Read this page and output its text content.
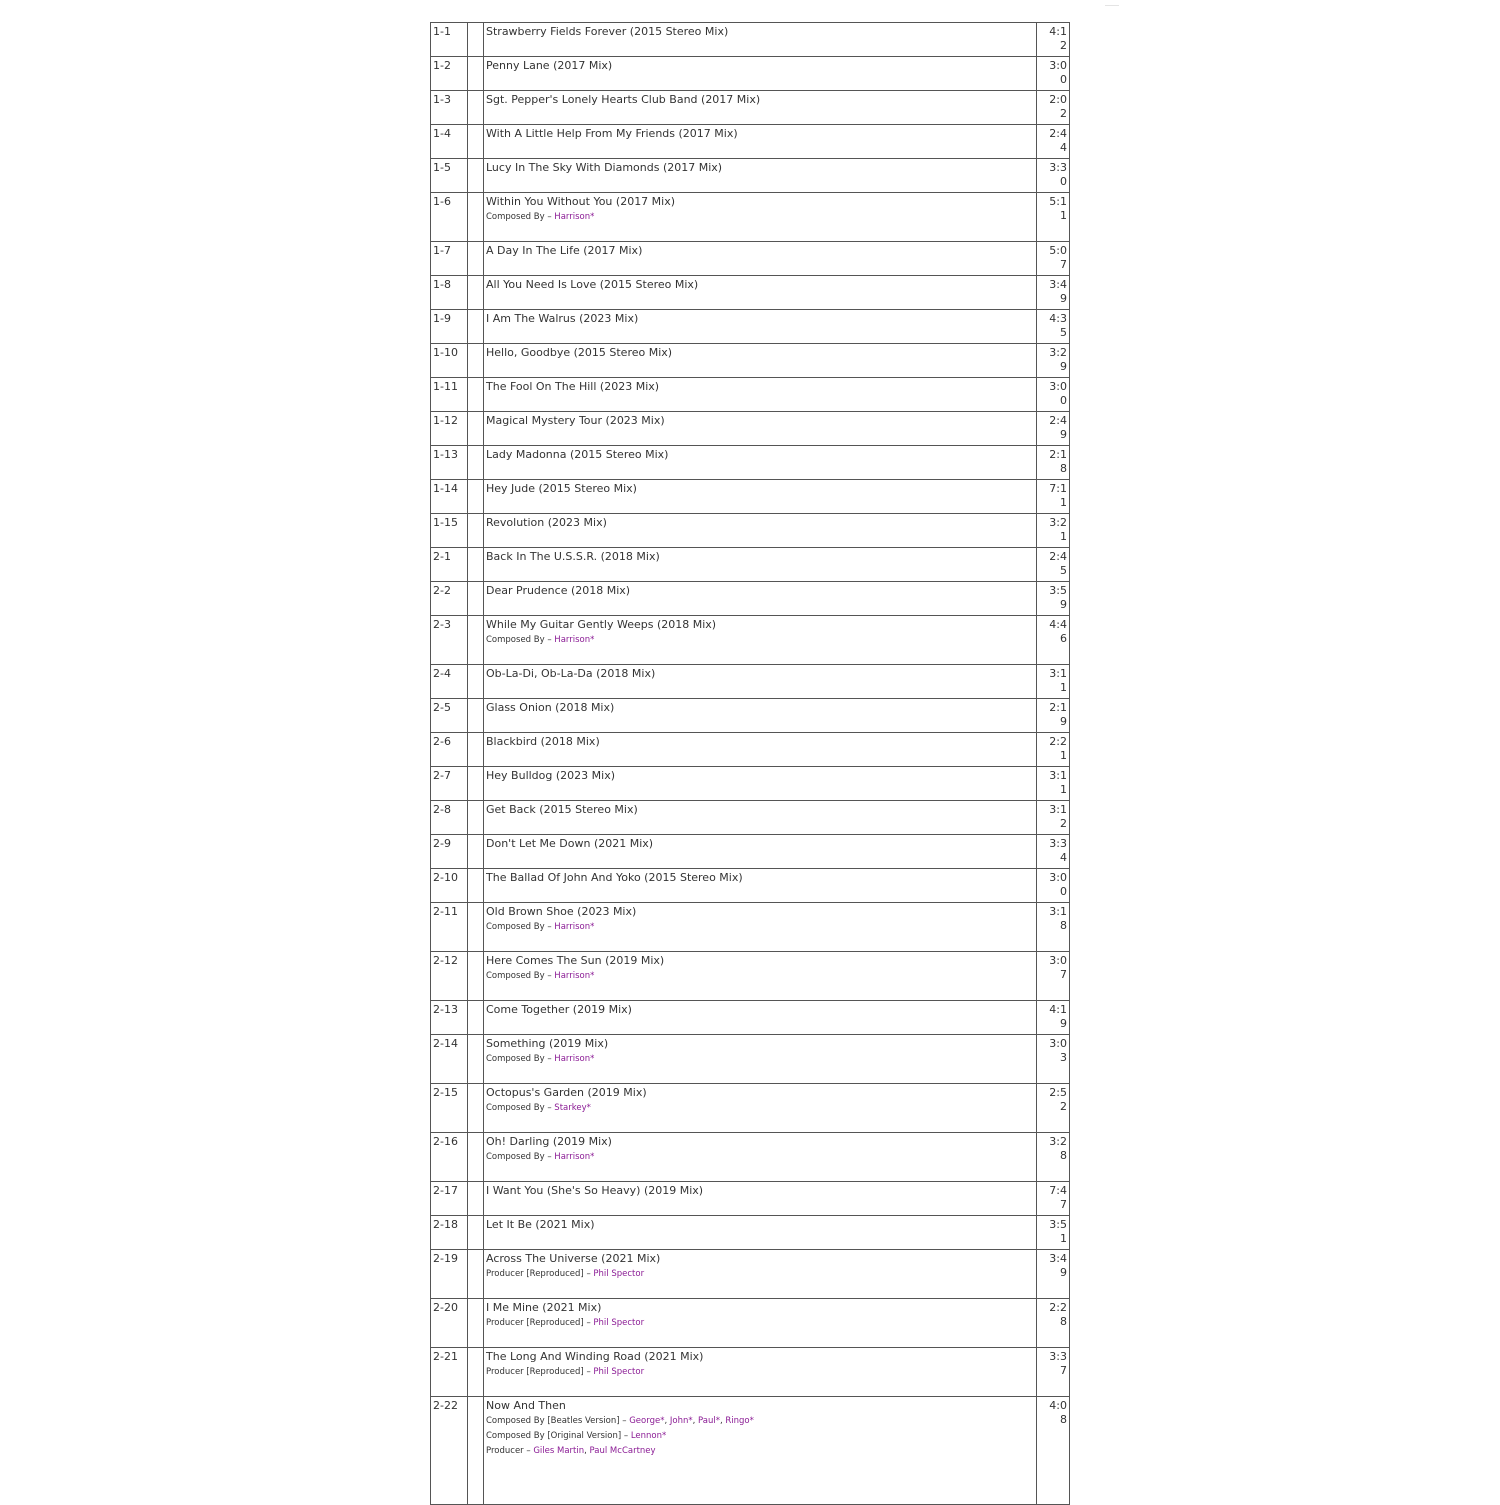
1-1		Strawberry Fields Forever (2015 Stereo Mix)	4:12

1-2		Penny Lane (2017 Mix)	3:00

1-3		Sgt. Pepper's Lonely Hearts Club Band (2017 Mix)	2:02

1-4		With A Little Help From My Friends (2017 Mix)	2:44

1-5		Lucy In The Sky With Diamonds (2017 Mix)	3:30

1-6		Within You Without You (2017 Mix)
Composed By – Harrison*	5:11

1-7		A Day In The Life (2017 Mix)	5:07

1-8		All You Need Is Love (2015 Stereo Mix)	3:49

1-9		I Am The Walrus (2023 Mix)	4:35

1-10		Hello, Goodbye (2015 Stereo Mix)	3:29

1-11		The Fool On The Hill (2023 Mix)	3:00

1-12		Magical Mystery Tour (2023 Mix)	2:49

1-13		Lady Madonna (2015 Stereo Mix)	2:18

1-14		Hey Jude (2015 Stereo Mix)	7:11

1-15		Revolution (2023 Mix)	3:21

2-1		Back In The U.S.S.R. (2018 Mix)	2:45

2-2		Dear Prudence (2018 Mix)	3:59

2-3		While My Guitar Gently Weeps (2018 Mix)
Composed By – Harrison*	4:46

2-4		Ob-La-Di, Ob-La-Da (2018 Mix)	3:11

2-5		Glass Onion (2018 Mix)	2:19

2-6		Blackbird (2018 Mix)	2:21

2-7		Hey Bulldog (2023 Mix)	3:11

2-8		Get Back (2015 Stereo Mix)	3:12

2-9		Don't Let Me Down (2021 Mix)	3:34

2-10		The Ballad Of John And Yoko (2015 Stereo Mix)	3:00

2-11		Old Brown Shoe (2023 Mix)
Composed By – Harrison*	3:18

2-12		Here Comes The Sun (2019 Mix)
Composed By – Harrison*	3:07

2-13		Come Together (2019 Mix)	4:19

2-14		Something (2019 Mix)
Composed By – Harrison*	3:03

2-15		Octopus's Garden (2019 Mix)
Composed By – Starkey*	2:52

2-16		Oh! Darling (2019 Mix)
Composed By – Harrison*	3:28

2-17		I Want You (She's So Heavy) (2019 Mix)	7:47

2-18		Let It Be (2021 Mix)	3:51

2-19		Across The Universe (2021 Mix)
Producer [Reproduced] – Phil Spector	3:49

2-20		I Me Mine (2021 Mix)
Producer [Reproduced] – Phil Spector	2:28

2-21		The Long And Winding Road (2021 Mix)
Producer [Reproduced] – Phil Spector	3:37

2-22		Now And Then
Composed By [Beatles Version] – George*, John*, Paul*, Ringo*
Composed By [Original Version] – Lennon*
Producer – Giles Martin, Paul McCartney	4:08
